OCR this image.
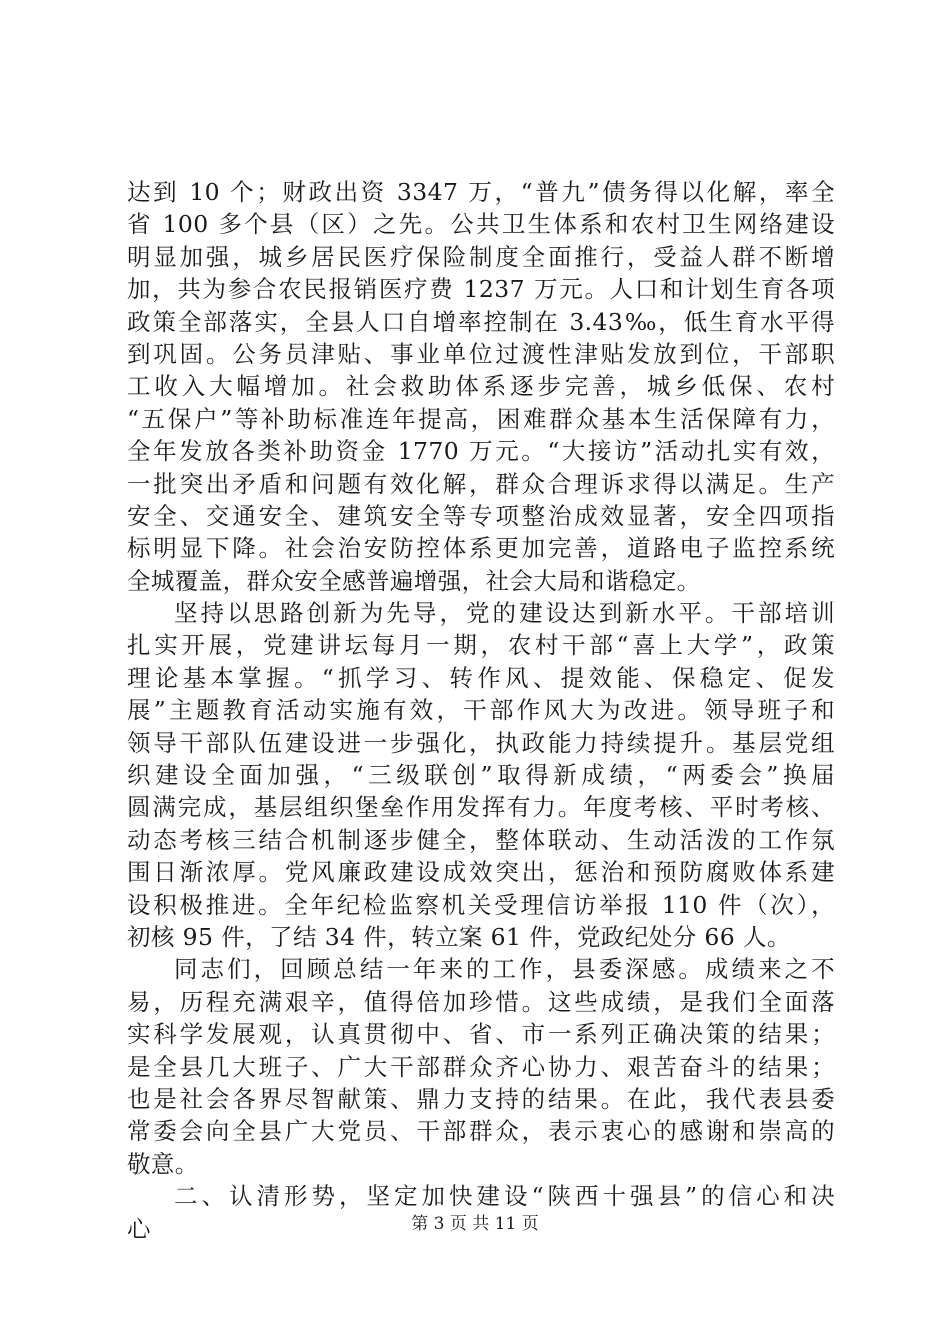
达到 10 个；财政出资 3347 万，“普九”债务得以化解，率全
省 100 多个县（区）之先。公共卫生体系和农村卫生网络建设
明显加强，城乡居民医疗保险制度全面推行，受益人群不断增
加，共为参合农民报销医疗费 1237 万元。人口和计划生育各项
政策全部落实，全县人口自增率控制在 3.43‰，低生育水平得
到巩固。公务员津贴、事业单位过渡性津贴发放到位，干部职
工收入大幅增加。社会救助体系逐步完善，城乡低保、农村
“五保户”等补助标准连年提高，困难群众基本生活保障有力，
全年发放各类补助资金 1770 万元。“大接访”活动扎实有效，
一批突出矛盾和问题有效化解，群众合理诉求得以满足。生产
安全、交通安全、建筑安全等专项整治成效显著，安全四项指
标明显下降。社会治安防控体系更加完善，道路电子监控系统
全城覆盖，群众安全感普遍增强，社会大局和谐稳定。
坚持以思路创新为先导，党的建设达到新水平。干部培训
扎实开展，党建讲坛每月一期，农村干部“喜上大学”，政策
理论基本掌握。“抓学习、转作风、提效能、保稳定、促发
展”主题教育活动实施有效，干部作风大为改进。领导班子和
领导干部队伍建设进一步强化，执政能力持续提升。基层党组
织建设全面加强，“三级联创”取得新成绩，“两委会”换届
圆满完成，基层组织堡垒作用发挥有力。年度考核、平时考核、
动态考核三结合机制逐步健全，整体联动、生动活泼的工作氛
围日渐浓厚。党风廉政建设成效突出，惩治和预防腐败体系建
设积极推进。全年纪检监察机关受理信访举报 110 件（次），
初核 95 件，了结 34 件，转立案 61 件，党政纪处分 66 人。
同志们，回顾总结一年来的工作，县委深感。成绩来之不
易，历程充满艰辛，值得倍加珍惜。这些成绩，是我们全面落
实科学发展观，认真贯彻中、省、市一系列正确决策的结果；
是全县几大班子、广大干部群众齐心协力、艰苦奋斗的结果；
也是社会各界尽智献策、鼎力支持的结果。在此，我代表县委
常委会向全县广大党员、干部群众，表示衷心的感谢和崇高的
敬意。
二、认清形势，坚定加快建设“陕西十强县”的信心和决
心	第 3 页 共 11 页
